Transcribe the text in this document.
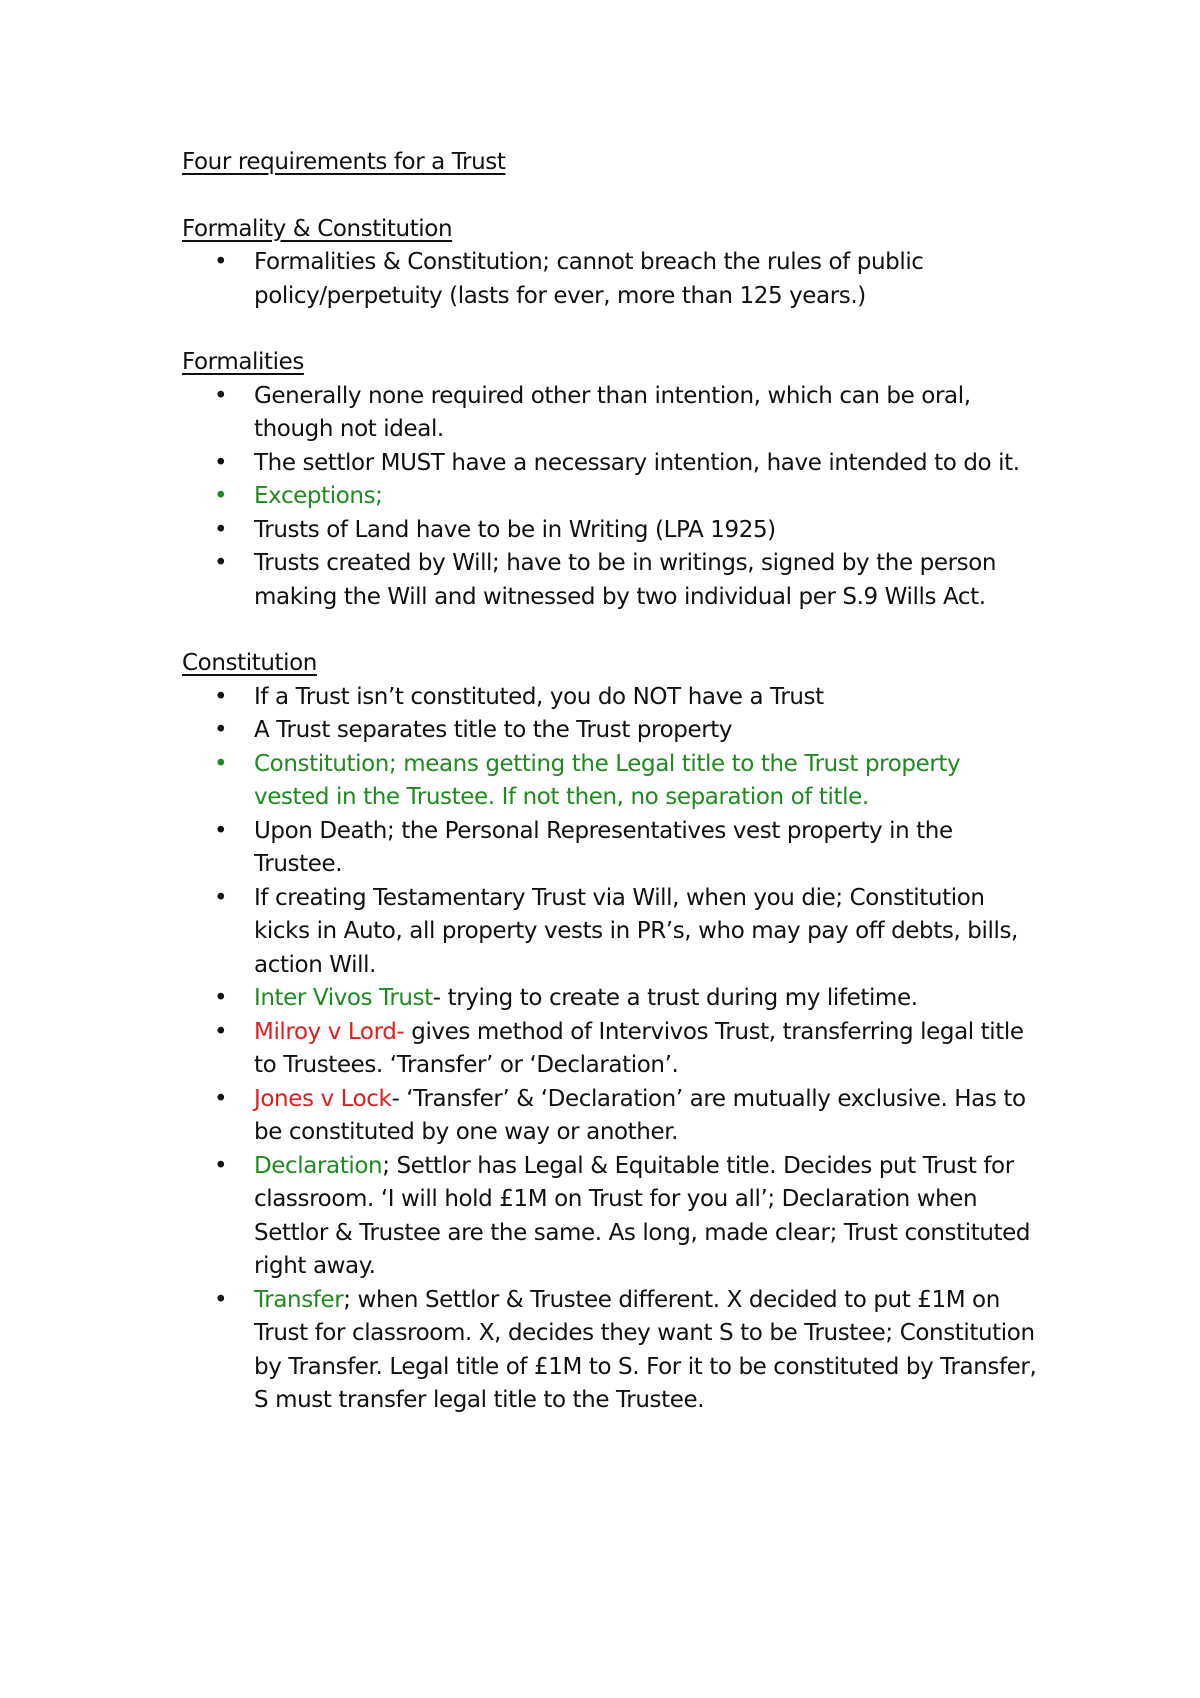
Four requirements for a Trust

Formality & Constitution

• Formalities & Constitution; cannot breach the rules of public policy/perpetuity (lasts for ever, more than 125 years.)

Formalities

• Generally none required other than intention, which can be oral, though not ideal.
• The settlor MUST have a necessary intention, have intended to do it.
• Exceptions;
• Trusts of Land have to be in Writing (LPA 1925)
• Trusts created by Will; have to be in writings, signed by the person making the Will and witnessed by two individual per S.9 Wills Act.

Constitution

• If a Trust isn’t constituted, you do NOT have a Trust
• A Trust separates title to the Trust property
• Constitution; means getting the Legal title to the Trust property vested in the Trustee. If not then, no separation of title.
• Upon Death; the Personal Representatives vest property in the Trustee.
• If creating Testamentary Trust via Will, when you die; Constitution kicks in Auto, all property vests in PR’s, who may pay off debts, bills, action Will.
• Inter Vivos Trust- trying to create a trust during my lifetime.
• Milroy v Lord- gives method of Intervivos Trust, transferring legal title to Trustees. ‘Transfer’ or ‘Declaration’.
• Jones v Lock- ‘Transfer’ & ‘Declaration’ are mutually exclusive. Has to be constituted by one way or another.
• Declaration; Settlor has Legal & Equitable title. Decides put Trust for classroom. ‘I will hold £1M on Trust for you all’; Declaration when Settlor & Trustee are the same. As long, made clear; Trust constituted right away.
• Transfer; when Settlor & Trustee different. X decided to put £1M on Trust for classroom. X, decides they want S to be Trustee; Constitution by Transfer. Legal title of £1M to S. For it to be constituted by Transfer, S must transfer legal title to the Trustee.
